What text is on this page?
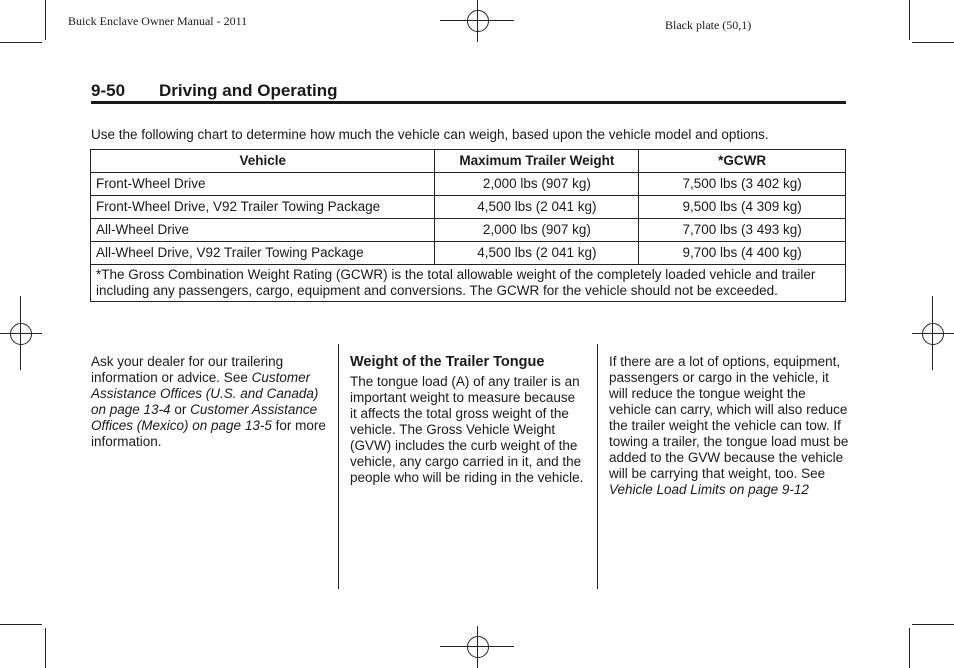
Buick Enclave Owner Manual - 2011	Black plate (50,1)
9-50 Driving and Operating
Use the following chart to determine how much the vehicle can weigh, based upon the vehicle model and options.
Vehicle	Maximum Trailer Weight	*GCWR
Front-Wheel Drive	2,000 lbs (907 kg)	7,500 lbs (3 402 kg)
Front-Wheel Drive, V92 Trailer Towing Package	4,500 lbs (2 041 kg)	9,500 lbs (4 309 kg)
All-Wheel Drive	2,000 lbs (907 kg)	7,700 lbs (3 493 kg)
All-Wheel Drive, V92 Trailer Towing Package	4,500 lbs (2 041 kg)	9,700 lbs (4 400 kg)
*The Gross Combination Weight Rating (GCWR) is the total allowable weight of the completely loaded vehicle and trailer including any passengers, cargo, equipment and conversions. The GCWR for the vehicle should not be exceeded.		

Ask your dealer for our trailering information or advice. See Customer Assistance Offices (U.S. and Canada) on page 13-4 or Customer Assistance Offices (Mexico) on page 13-5 for more information.

Weight of the Trailer Tongue

The tongue load (A) of any trailer is an important weight to measure because it affects the total gross weight of the vehicle. The Gross Vehicle Weight (GVW) includes the curb weight of the vehicle, any cargo carried in it, and the people who will be riding in the vehicle.

If there are a lot of options, equipment, passengers or cargo in the vehicle, it will reduce the tongue weight the vehicle can carry, which will also reduce the trailer weight the vehicle can tow. If towing a trailer, the tongue load must be added to the GVW because the vehicle will be carrying that weight, too. See Vehicle Load Limits on page 9-12
